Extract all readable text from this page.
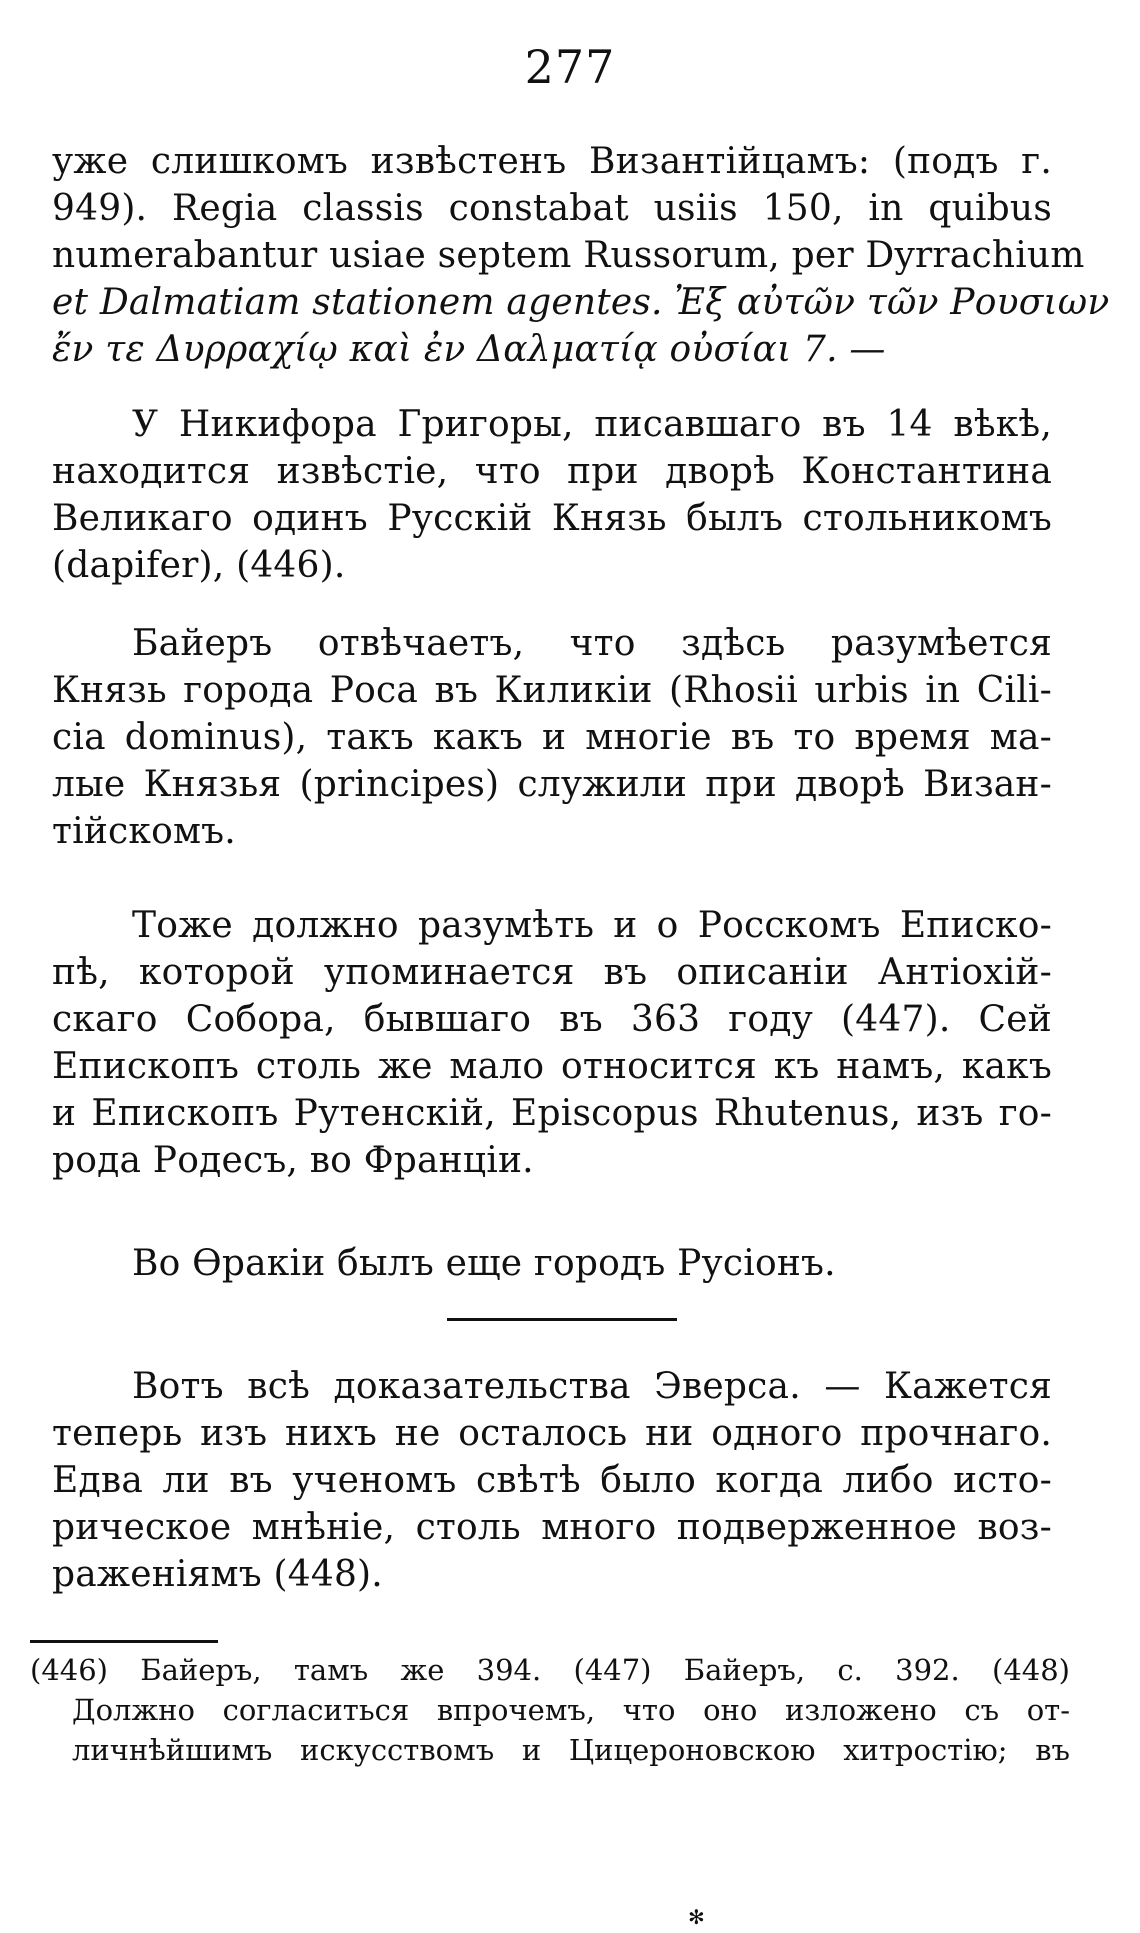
277
уже слишкомъ извѣстенъ Византійцамъ: (подъ г.
949). Regia classis constabat usiis 150, in quibus
numerabantur usiae septem Russorum, per Dyrrachium
et Dalmatiam stationem agentes. Ἐξ αὐτῶν τῶν Ρουσιων
ἔν τε Δυρραχίῳ καὶ ἐν Δαλματίᾳ οὐσίαι 7. —
У Никифора Григоры, писавшаго въ 14 вѣкѣ,
находится извѣстіе, что при дворѣ Константина
Великаго одинъ Русскій Князь былъ стольникомъ
(dapifer), (446).
Байеръ отвѣчаетъ, что здѣсь разумѣется
Князь города Роса въ Киликіи (Rhosii urbis in Cili-
cia dominus), такъ какъ и многіе въ то время ма-
лые Князья (principes) служили при дворѣ Визан-
тійскомъ.
Тоже должно разумѣть и о Росскомъ Еписко-
пѣ, которой упоминается въ описаніи Антіохій-
скаго Собора, бывшаго въ 363 году (447). Сей
Епископъ столь же мало относится къ намъ, какъ
и Епископъ Рутенскій, Episcopus Rhutenus, изъ го-
рода Родесъ, во Франціи.
Во Ѳракіи былъ еще городъ Русіонъ.
Вотъ всѣ доказательства Эверса. — Кажется
теперь изъ нихъ не осталось ни одного прочнаго.
Едва ли въ ученомъ свѣтѣ было когда либо исто-
рическое мнѣніе, столь много подверженное воз-
раженіямъ (448).
(446) Байеръ, тамъ же 394. (447) Байеръ, с. 392. (448)
Должно согласиться впрочемъ, что оно изложено съ от-
личнѣйшимъ искусствомъ и Цицероновскою хитростію; въ
✻
